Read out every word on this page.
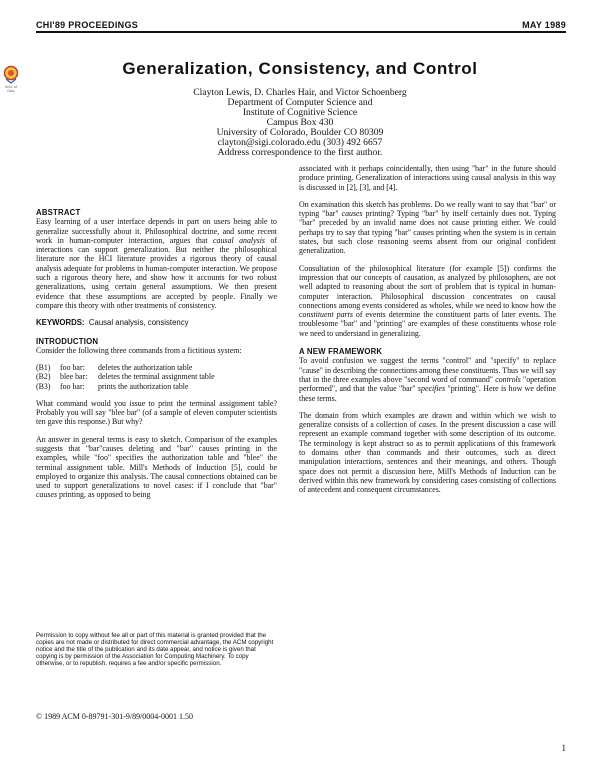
CHI'89 PROCEEDINGS	MAY 1989
Univ. of
Colo.
Generalization, Consistency, and Control
Clayton Lewis, D. Charles Hair, and Victor Schoenberg
Department of Computer Science and
Institute of Cognitive Science
Campus Box 430
University of Colorado, Boulder CO 80309
clayton@sigi.colorado.edu (303) 492 6657
Address correspondence to the first author.
ABSTRACT

Easy learning of a user interface depends in part on users being able to generalize successfully about it. Philosophical doctrine, and some recent work in human-computer interaction, argues that causal analysis of interactions can support generalization. But neither the philosophical literature nor the HCI literature provides a rigorous theory of causal analysis adequate for problems in human-computer interaction. We propose such a rigorous theory here, and show how it accounts for two robust generalizations, using certain general assumptions. We then present evidence that these assumptions are accepted by people. Finally we compare this theory with other treatments of consistency.

KEYWORDS: Causal analysis, consistency
INTRODUCTION

Consider the following three commands from a fictitious system:

(B1) foo bar: deletes the authorization table
(B2) blee bar: deletes the terminal assignment table
(B3) foo bar: prints the authorization table

What command would you issue to print the terminal assignment table? Probably you will say "blee bar" (of a sample of eleven computer scientists ten gave this response.) But why?

An answer in general terms is easy to sketch. Comparison of the examples suggests that "bar"causes deleting and "bar" causes printing in the examples, while "foo" specifies the authorization table and "blee" the terminal assignment table. Mill's Methods of Induction [5], could be employed to organize this analysis. The causal connections obtained can be used to support generalizations to novel cases: if I conclude that "bar" causes printing, as opposed to being

Permission to copy without fee all or part of this material is granted provided that the copies are not made or distributed for direct commercial advantage, the ACM copyright notice and the title of the publication and its date appear, and notice is given that copying is by permission of the Association for Computing Machinery. To copy otherwise, or to republish, requires a fee and/or specific permission.
© 1989 ACM 0-89791-301-9/89/0004-0001 1.50

associated with it perhaps coincidentally, then using "bar" in the future should produce printing. Generalization of interactions using causal analysis in this way is discussed in [2], [3], and [4].

On examination this sketch has problems. Do we really want to say that "bar" or typing "bar" causes printing? Typing "bar" by itself certainly does not. Typing "bar" preceded by an invalid name does not cause printing either. We could perhaps try to say that typing "bar" causes printing when the system is in certain states, but such close reasoning seems absent from our original confident generalization.

Consultation of the philosophical literature (for example [5]) confirms the impression that our concepts of causation, as analyzed by philosophers, are not well adapted to reasoning about the sort of problem that is typical in human-computer interaction. Philosophical discussion concentrates on causal connections among events considered as wholes, while we need to know how the constituent parts of events determine the constituent parts of later events. The troublesome "bar" and "printing" are examples of these constituents whose role we need to understand in generalizing.

A NEW FRAMEWORK

To avoid confusion we suggest the terms "control" and "specify" to replace "cause" in describing the connections among these constituents. Thus we will say that in the three examples above "second word of command" controls "operation performed", and that the value "bar" specifies "printing". Here is how we define these terms.

The domain from which examples are drawn and within which we wish to generalize consists of a collection of cases. In the present discussion a case will represent an example command together with some description of its outcome. The terminology is kept abstract so as to permit applications of this framework to domains other than commands and their outcomes, such as direct manipulation interactions, sentences and their meanings, and others. Though space does not permit a discussion here, Mill's Methods of Induction can be derived within this new framework by considering cases consisting of collections of antecedent and consequent circumstances.

1
